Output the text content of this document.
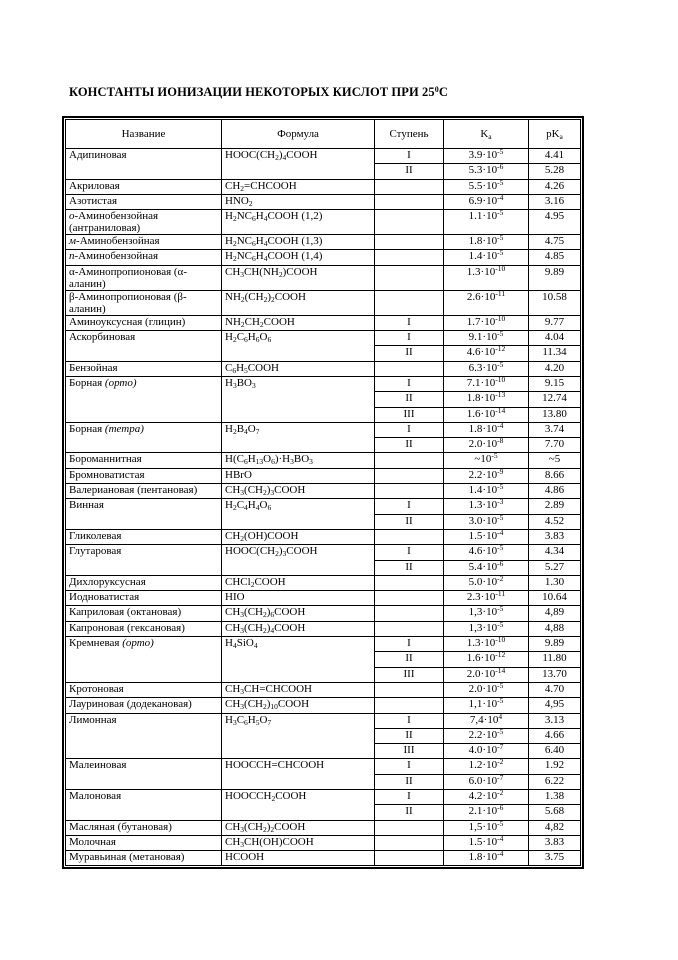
КОНСТАНТЫ ИОНИЗАЦИИ НЕКОТОРЫХ КИСЛОТ ПРИ $25^0С$
Название	Формула	Ступень	$K_a$	$pK_a$
Адипиновая	$HOOC(CH_2)_4COOH$	I	$3.9\cdot 10^{-5}$	4.41
		II	$5.3\cdot 10^{-6}$	5.28
Акриловая	$CH_2=CHCOOH$		$5.5\cdot 10^{-5}$	4.26
Азотистая	$HNO_2$		$6.9\cdot 10^{-4}$	3.16
о-Аминобензойная (антраниловая)	$H_2NC_6H_4COOH$ (1,2)		$1.1\cdot 10^{-5}$	4.95
м-Аминобензойная	$H_2NC_6H_4COOH$ (1,3)		$1.8\cdot 10^{-5}$	4.75
п-Аминобензойная	$H_2NC_6H_4COOH$ (1,4)		$1.4\cdot 10^{-5}$	4.85
α-Аминопропионовая (α-аланин)	$CH_3CH(NH_2)COOH$		$1.3\cdot 10^{-10}$	9.89
β-Аминопропионовая (β-аланин)	$NH_2(CH_2)_2COOH$		$2.6\cdot 10^{-11}$	10.58
Аминоуксусная (глицин)	$NH_2CH_2COOH$	I	$1.7\cdot 10^{-10}$	9.77
Аскорбиновая	$H_2C_6H_6O_6$	I	$9.1\cdot 10^{-5}$	4.04
		II	$4.6\cdot 10^{-12}$	11.34
Бензойная	$C_6H_5COOH$		$6.3\cdot 10^{-5}$	4.20
Борная (орто)	$H_3BO_3$	I	$7.1\cdot 10^{-10}$	9.15
		II	$1.8\cdot 10^{-13}$	12.74
		III	$1.6\cdot 10^{-14}$	13.80
Борная (тетра)	$H_2B_4O_7$	I	$1.8\cdot 10^{-4}$	3.74
		II	$2.0\cdot 10^{-8}$	7.70
Бороманнитная	$H(C_6H_{13}O_6)\cdot H_3BO_3$		$\sim 10^{-5}$	~5
Бромноватистая	HBrO		$2.2\cdot 10^{-9}$	8.66
Валериановая (пентановая)	$CH_3(CH_2)_3COOH$		$1.4\cdot 10^{-5}$	4.86
Винная	$H_2C_4H_4O_6$	I	$1.3\cdot 10^{-3}$	2.89
		II	$3.0\cdot 10^{-5}$	4.52
Гликолевая	$CH_2(OH)COOH$		$1.5\cdot 10^{-4}$	3.83
Глутаровая	$HOOC(CH_2)_3COOH$	I	$4.6\cdot 10^{-5}$	4.34
		II	$5.4\cdot 10^{-6}$	5.27
Дихлоруксусная	CHCl$_2$COOH		$5.0\cdot 10^{-2}$	1.30
Иодноватистая	HIO		$2.3\cdot 10^{-11}$	10.64
Каприловая (октановая)	$CH_3(CH_2)_6COOH$		$1,3\cdot 10^{-5}$	4,89
Капроновая (гексановая)	$CH_3(CH_2)_4COOH$		$1,3\cdot 10^{-5}$	4,88
Кремневая (орто)	$H_4SiO_4$	I	$1.3\cdot 10^{-10}$	9.89
		II	$1.6\cdot 10^{-12}$	11.80
		III	$2.0\cdot 10^{-14}$	13.70
Кротоновая	$CH_3CH=CHCOOH$		$2.0\cdot 10^{-5}$	4.70
Лауриновая (додекановая)	$CH_3(CH_2)_{10}COOH$		$1,1\cdot 10^{-5}$	4,95
Лимонная	$H_3C_6H_5O_7$	I	$7,4\cdot 10^4$	3.13
		II	$2.2\cdot 10^{-5}$	4.66
		III	$4.0\cdot 10^{-7}$	6.40
Малеиновая	HOOCCH=CHCOOH	I	$1.2\cdot 10^{-2}$	1.92
		II	$6.0\cdot 10^{-7}$	6.22
Малоновая	$HOOCCH_2COOH$	I	$4.2\cdot 10^{-2}$	1.38
		II	$2.1\cdot 10^{-6}$	5.68
Масляная (бутановая)	$CH_3(CH_2)_2COOH$		$1,5\cdot 10^{-5}$	4,82
Молочная	$CH_3CH(OH)COOH$		$1.5\cdot 10^{-4}$	3.83
Муравьиная (метановая)	HCOOH		$1.8\cdot 10^{-4}$	3.75
